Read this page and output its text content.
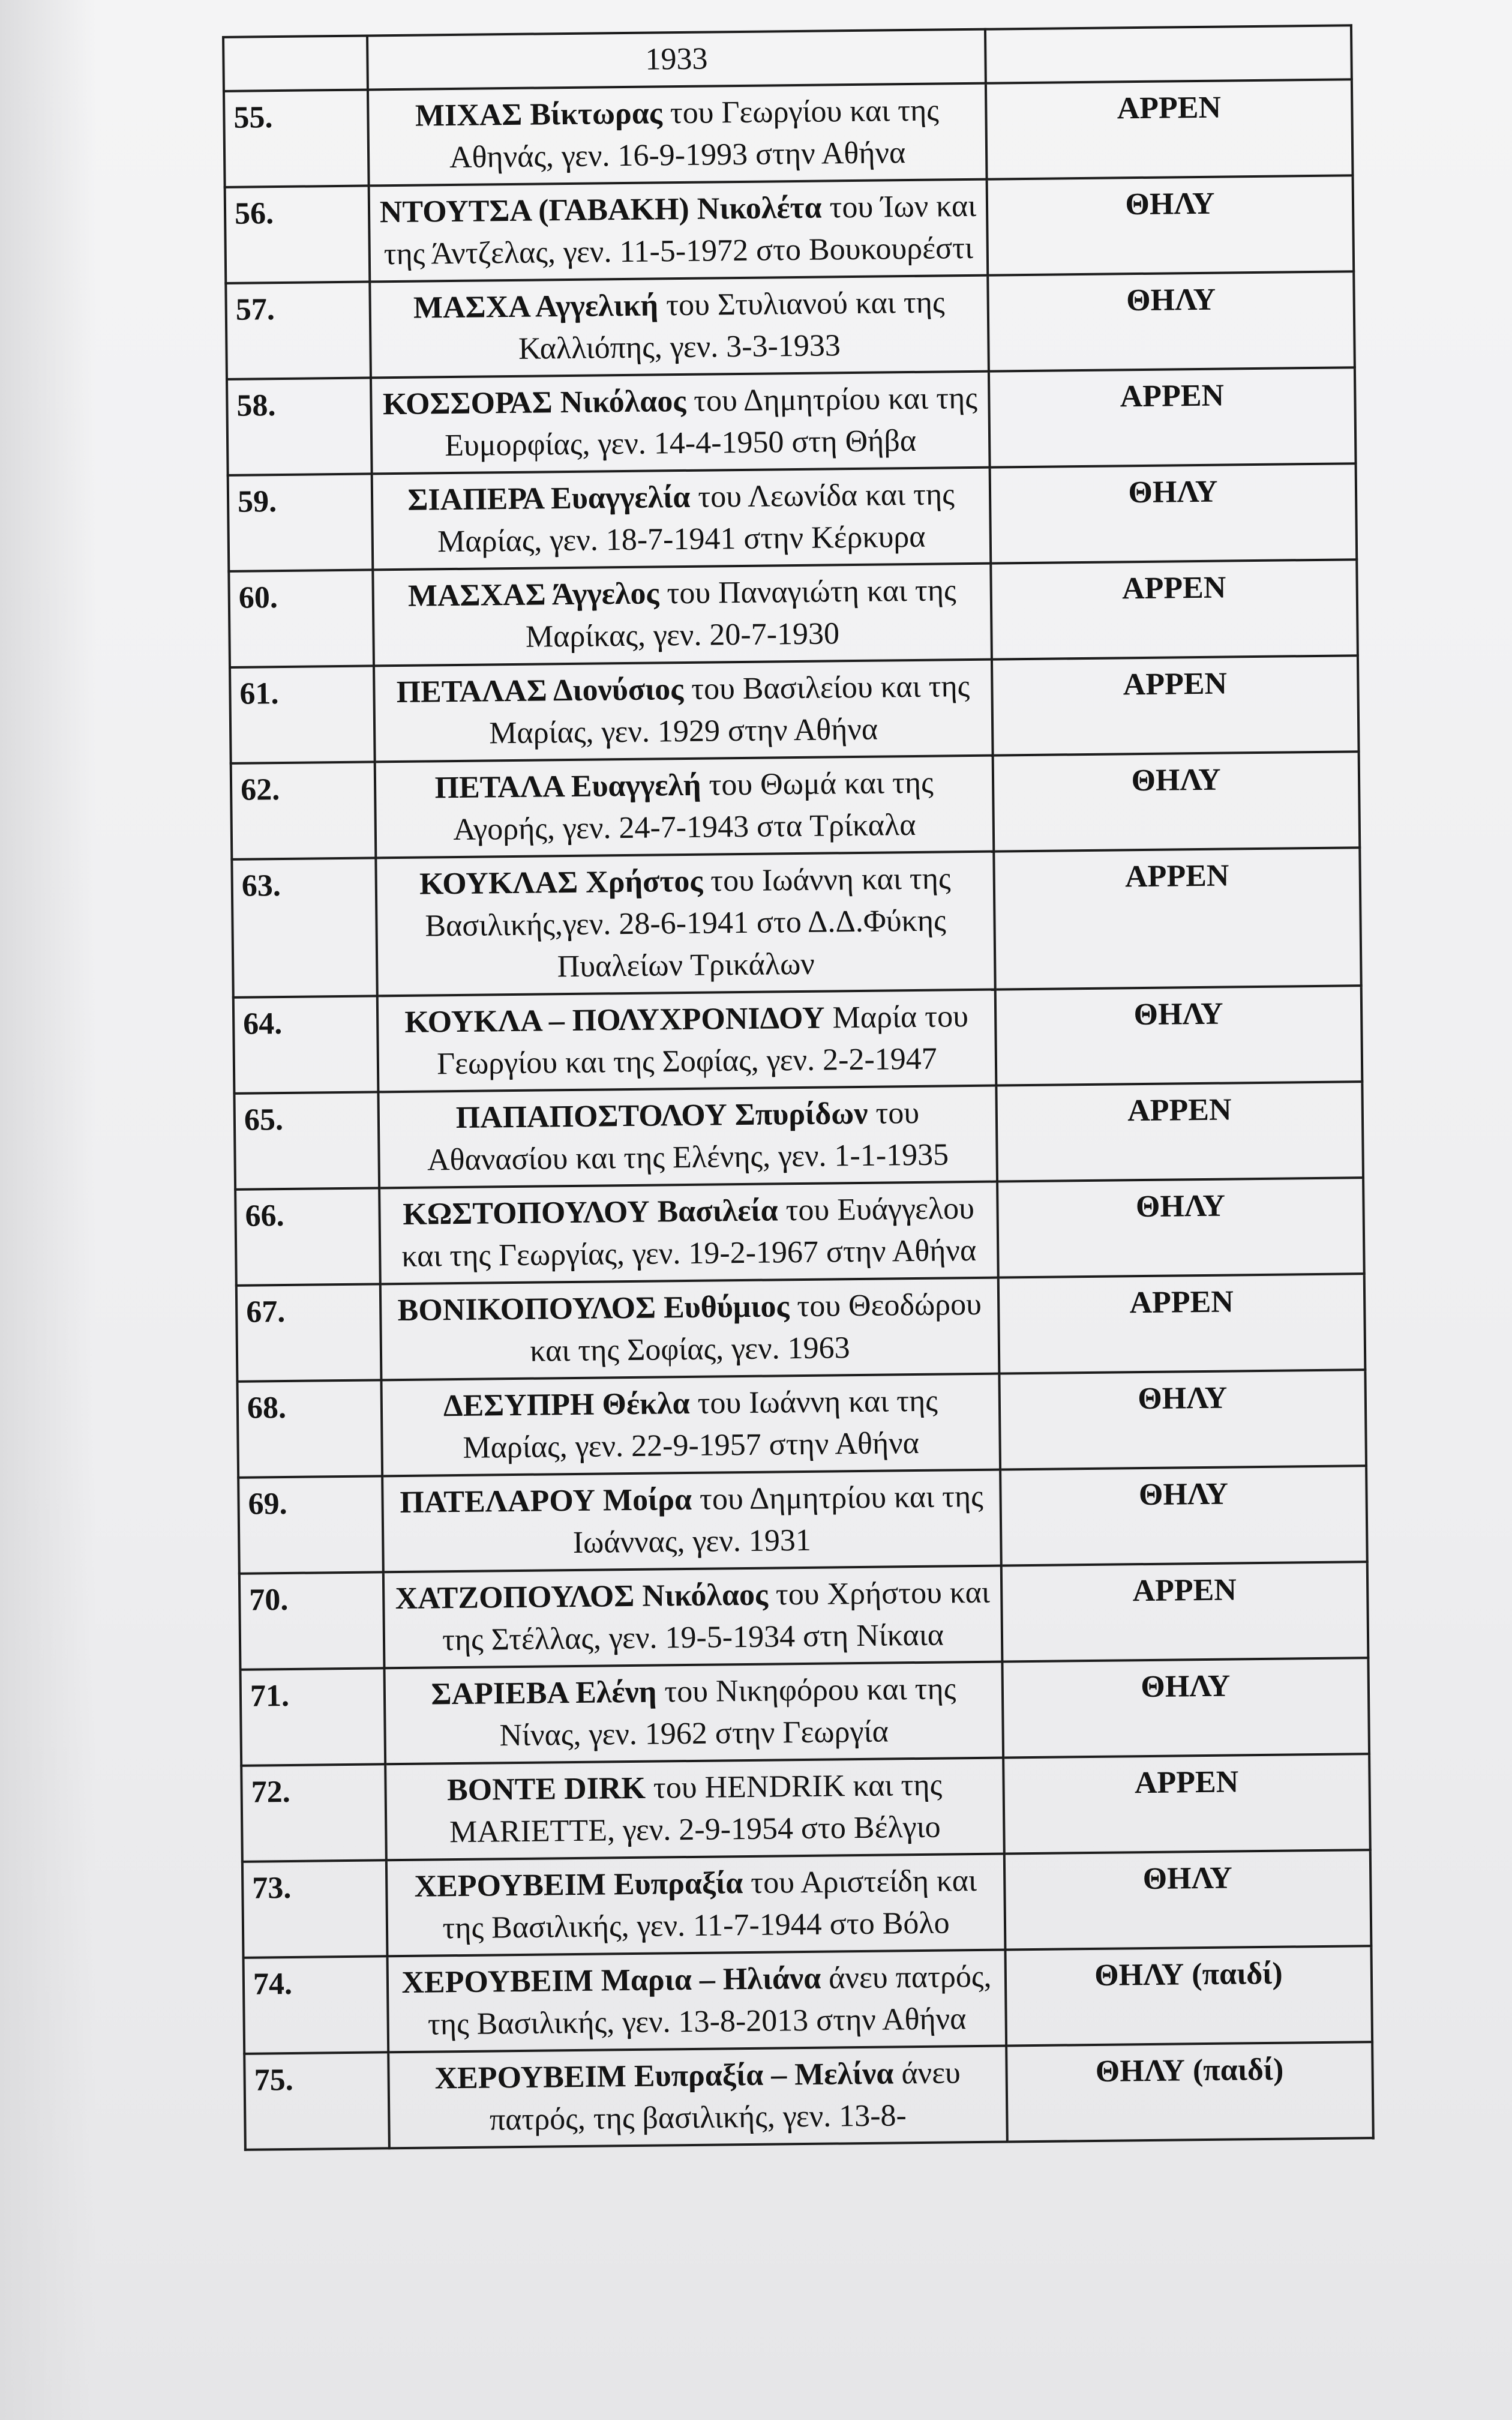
	1933	
55.	ΜΙΧΑΣ Βίκτωρας του Γεωργίου και της Αθηνάς, γεν. 16-9-1993 στην Αθήνα	ΑΡΡΕΝ
56.	ΝΤΟΥΤΣΑ (ΓΑΒΑΚΗ) Νικολέτα του Ίων και της Άντζελας, γεν. 11-5-1972 στο Βουκουρέστι	ΘΗΛΥ
57.	ΜΑΣΧΑ Αγγελική του Στυλιανού και της Καλλιόπης, γεν. 3-3-1933	ΘΗΛΥ
58.	ΚΟΣΣΟΡΑΣ Νικόλαος του Δημητρίου και της Ευμορφίας, γεν. 14-4-1950 στη Θήβα	ΑΡΡΕΝ
59.	ΣΙΑΠΕΡΑ Ευαγγελία του Λεωνίδα και της Μαρίας, γεν. 18-7-1941 στην Κέρκυρα	ΘΗΛΥ
60.	ΜΑΣΧΑΣ Άγγελος του Παναγιώτη και της Μαρίκας, γεν. 20-7-1930	ΑΡΡΕΝ
61.	ΠΕΤΑΛΑΣ Διονύσιος του Βασιλείου και της Μαρίας, γεν. 1929 στην Αθήνα	ΑΡΡΕΝ
62.	ΠΕΤΑΛΑ Ευαγγελή του Θωμά και της Αγορής, γεν. 24-7-1943 στα Τρίκαλα	ΘΗΛΥ
63.	ΚΟΥΚΛΑΣ Χρήστος του Ιωάννη και της Βασιλικής,γεν. 28-6-1941 στο Δ.Δ.Φύκης Πυαλείων Τρικάλων	ΑΡΡΕΝ
64.	ΚΟΥΚΛΑ – ΠΟΛΥΧΡΟΝΙΔΟΥ Μαρία του Γεωργίου και της Σοφίας, γεν. 2-2-1947	ΘΗΛΥ
65.	ΠΑΠΑΠΟΣΤΟΛΟΥ Σπυρίδων του Αθανασίου και της Ελένης, γεν. 1-1-1935	ΑΡΡΕΝ
66.	ΚΩΣΤΟΠΟΥΛΟΥ Βασιλεία του Ευάγγελου και της Γεωργίας, γεν. 19-2-1967 στην Αθήνα	ΘΗΛΥ
67.	ΒΟΝΙΚΟΠΟΥΛΟΣ Ευθύμιος του Θεοδώρου και της Σοφίας, γεν. 1963	ΑΡΡΕΝ
68.	ΔΕΣΥΠΡΗ Θέκλα του Ιωάννη και της Μαρίας, γεν. 22-9-1957 στην Αθήνα	ΘΗΛΥ
69.	ΠΑΤΕΛΑΡΟΥ Μοίρα του Δημητρίου και της Ιωάννας, γεν. 1931	ΘΗΛΥ
70.	ΧΑΤΖΟΠΟΥΛΟΣ Νικόλαος του Χρήστου και της Στέλλας, γεν. 19-5-1934 στη Νίκαια	ΑΡΡΕΝ
71.	ΣΑΡΙΕΒΑ Ελένη του Νικηφόρου και της Νίνας, γεν. 1962 στην Γεωργία	ΘΗΛΥ
72.	BONTE DIRK του HENDRIK και της MARIETTE, γεν. 2-9-1954 στο Βέλγιο	ΑΡΡΕΝ
73.	ΧΕΡΟΥΒΕΙΜ Ευπραξία του Αριστείδη και της Βασιλικής, γεν. 11-7-1944 στο Βόλο	ΘΗΛΥ
74.	ΧΕΡΟΥΒΕΙΜ Μαρια – Ηλιάνα άνευ πατρός, της Βασιλικής, γεν. 13-8-2013 στην Αθήνα	ΘΗΛΥ (παιδί)
75.	ΧΕΡΟΥΒΕΙΜ Ευπραξία – Μελίνα άνευ πατρός, της βασιλικής, γεν. 13-8-	ΘΗΛΥ (παιδί)
